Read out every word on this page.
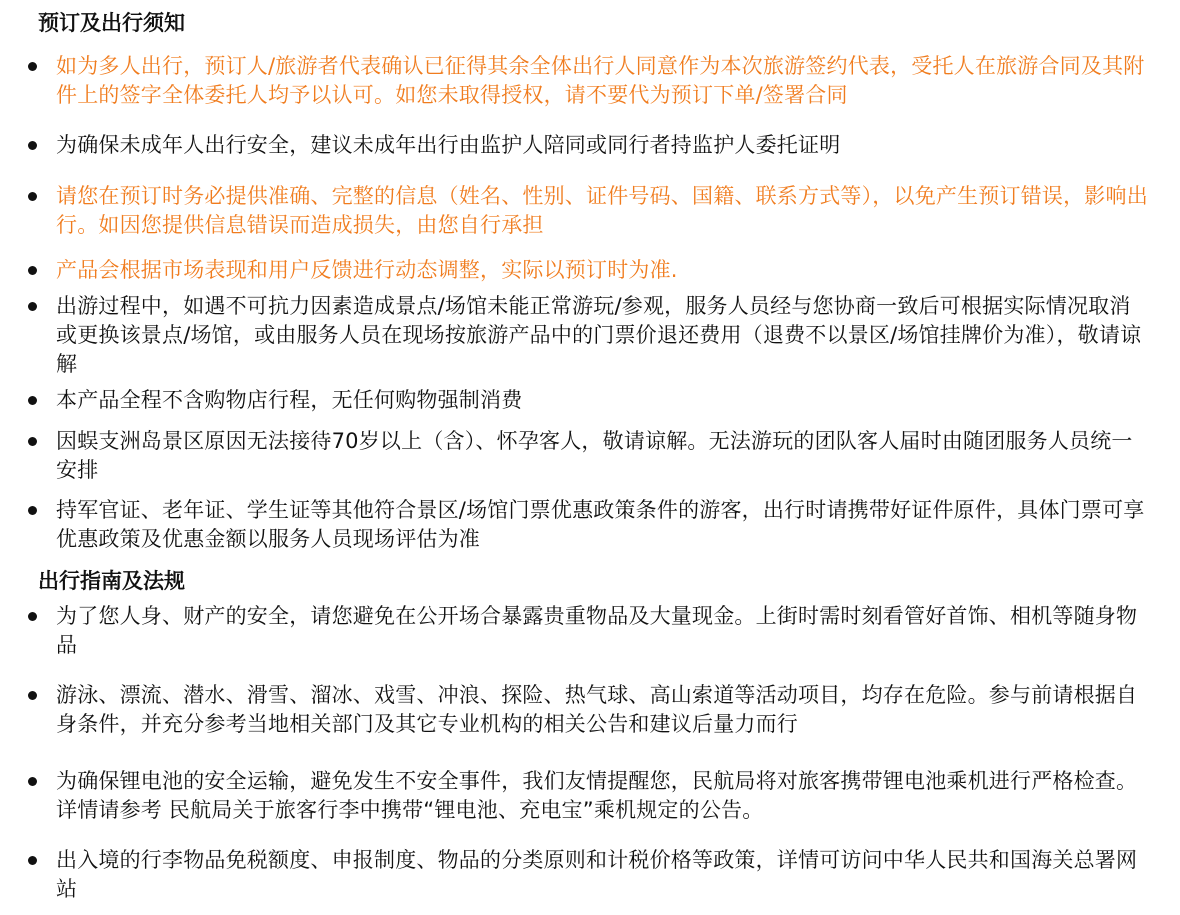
预订及出行须知
如为多人出行，预订人/旅游者代表确认已征得其余全体出行人同意作为本次旅游签约代表，受托人在旅游合同及其附件上的签字全体委托人均予以认可。如您未取得授权，请不要代为预订下单/签署合同
为确保未成年人出行安全，建议未成年出行由监护人陪同或同行者持监护人委托证明
请您在预订时务必提供准确、完整的信息（姓名、性别、证件号码、国籍、联系方式等），以免产生预订错误，影响出行。如因您提供信息错误而造成损失，由您自行承担
产品会根据市场表现和用户反馈进行动态调整，实际以预订时为准.
出游过程中，如遇不可抗力因素造成景点/场馆未能正常游玩/参观，服务人员经与您协商一致后可根据实际情况取消或更换该景点/场馆，或由服务人员在现场按旅游产品中的门票价退还费用（退费不以景区/场馆挂牌价为准），敬请谅解
本产品全程不含购物店行程，无任何购物强制消费
因蜈支洲岛景区原因无法接待70岁以上（含）、怀孕客人，敬请谅解。无法游玩的团队客人届时由随团服务人员统一安排
持军官证、老年证、学生证等其他符合景区/场馆门票优惠政策条件的游客，出行时请携带好证件原件，具体门票可享优惠政策及优惠金额以服务人员现场评估为准
出行指南及法规
为了您人身、财产的安全，请您避免在公开场合暴露贵重物品及大量现金。上街时需时刻看管好首饰、相机等随身物品
游泳、漂流、潜水、滑雪、溜冰、戏雪、冲浪、探险、热气球、高山索道等活动项目，均存在危险。参与前请根据自身条件，并充分参考当地相关部门及其它专业机构的相关公告和建议后量力而行
为确保锂电池的安全运输，避免发生不安全事件，我们友情提醒您，民航局将对旅客携带锂电池乘机进行严格检查。详情请参考 民航局关于旅客行李中携带“锂电池、充电宝”乘机规定的公告。
出入境的行李物品免税额度、申报制度、物品的分类原则和计税价格等政策，详情可访问中华人民共和国海关总署网站
